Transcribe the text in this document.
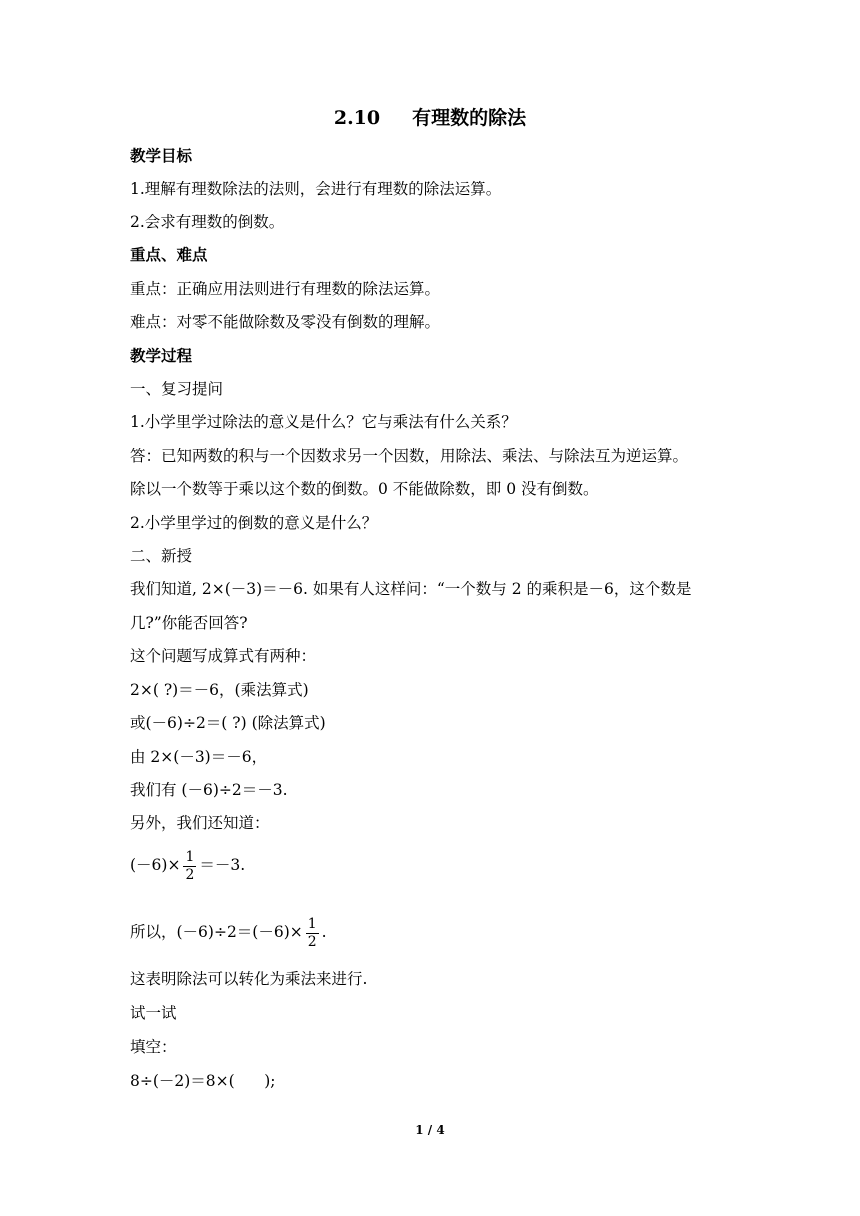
2.10 有理数的除法
教学目标
1.理解有理数除法的法则，会进行有理数的除法运算。
2.会求有理数的倒数。
重点、难点
重点：正确应用法则进行有理数的除法运算。
难点：对零不能做除数及零没有倒数的理解。
教学过程
一、复习提问
1.小学里学过除法的意义是什么？它与乘法有什么关系？
答：已知两数的积与一个因数求另一个因数，用除法、乘法、与除法互为逆运算。
除以一个数等于乘以这个数的倒数。0 不能做除数，即 0 没有倒数。
2.小学里学过的倒数的意义是什么？
二、新授
我们知道, 2×(－3)＝－6. 如果有人这样问：“一个数与 2 的乘积是－6，这个数是
几?”你能否回答?
这个问题写成算式有两种：
2×( ?)＝－6，(乘法算式)
或(－6)÷2＝( ?) (除法算式)
由 2×(－3)＝－6，
我们有 (－6)÷2＝－3.
另外，我们还知道：
$(-6)\times \frac{1}{2} =-3$.
所以，$(-6)\div 2=(-6)\times \frac{1}{2}$ .
这表明除法可以转化为乘法来进行.
试一试
填空：
8÷(－2)＝8×(      );
1 / 4
